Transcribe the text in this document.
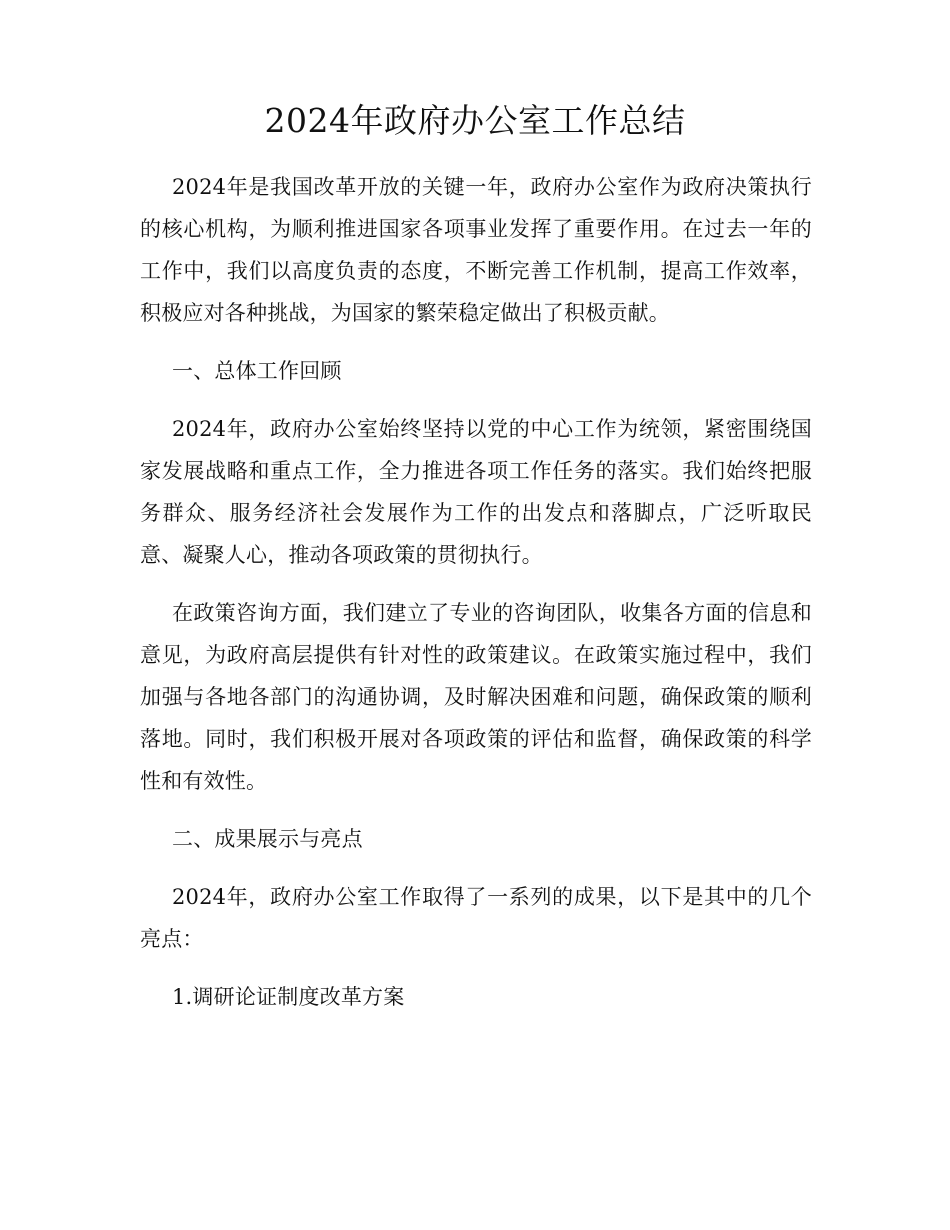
2024年政府办公室工作总结

2024年是我国改革开放的关键一年，政府办公室作为政府决策执行的核心机构，为顺利推进国家各项事业发挥了重要作用。在过去一年的工作中，我们以高度负责的态度，不断完善工作机制，提高工作效率，积极应对各种挑战，为国家的繁荣稳定做出了积极贡献。

一、总体工作回顾

2024年，政府办公室始终坚持以党的中心工作为统领，紧密围绕国家发展战略和重点工作，全力推进各项工作任务的落实。我们始终把服务群众、服务经济社会发展作为工作的出发点和落脚点，广泛听取民意、凝聚人心，推动各项政策的贯彻执行。

在政策咨询方面，我们建立了专业的咨询团队，收集各方面的信息和意见，为政府高层提供有针对性的政策建议。在政策实施过程中，我们加强与各地各部门的沟通协调，及时解决困难和问题，确保政策的顺利落地。同时，我们积极开展对各项政策的评估和监督，确保政策的科学性和有效性。

二、成果展示与亮点

2024年，政府办公室工作取得了一系列的成果，以下是其中的几个亮点：

1.调研论证制度改革方案
